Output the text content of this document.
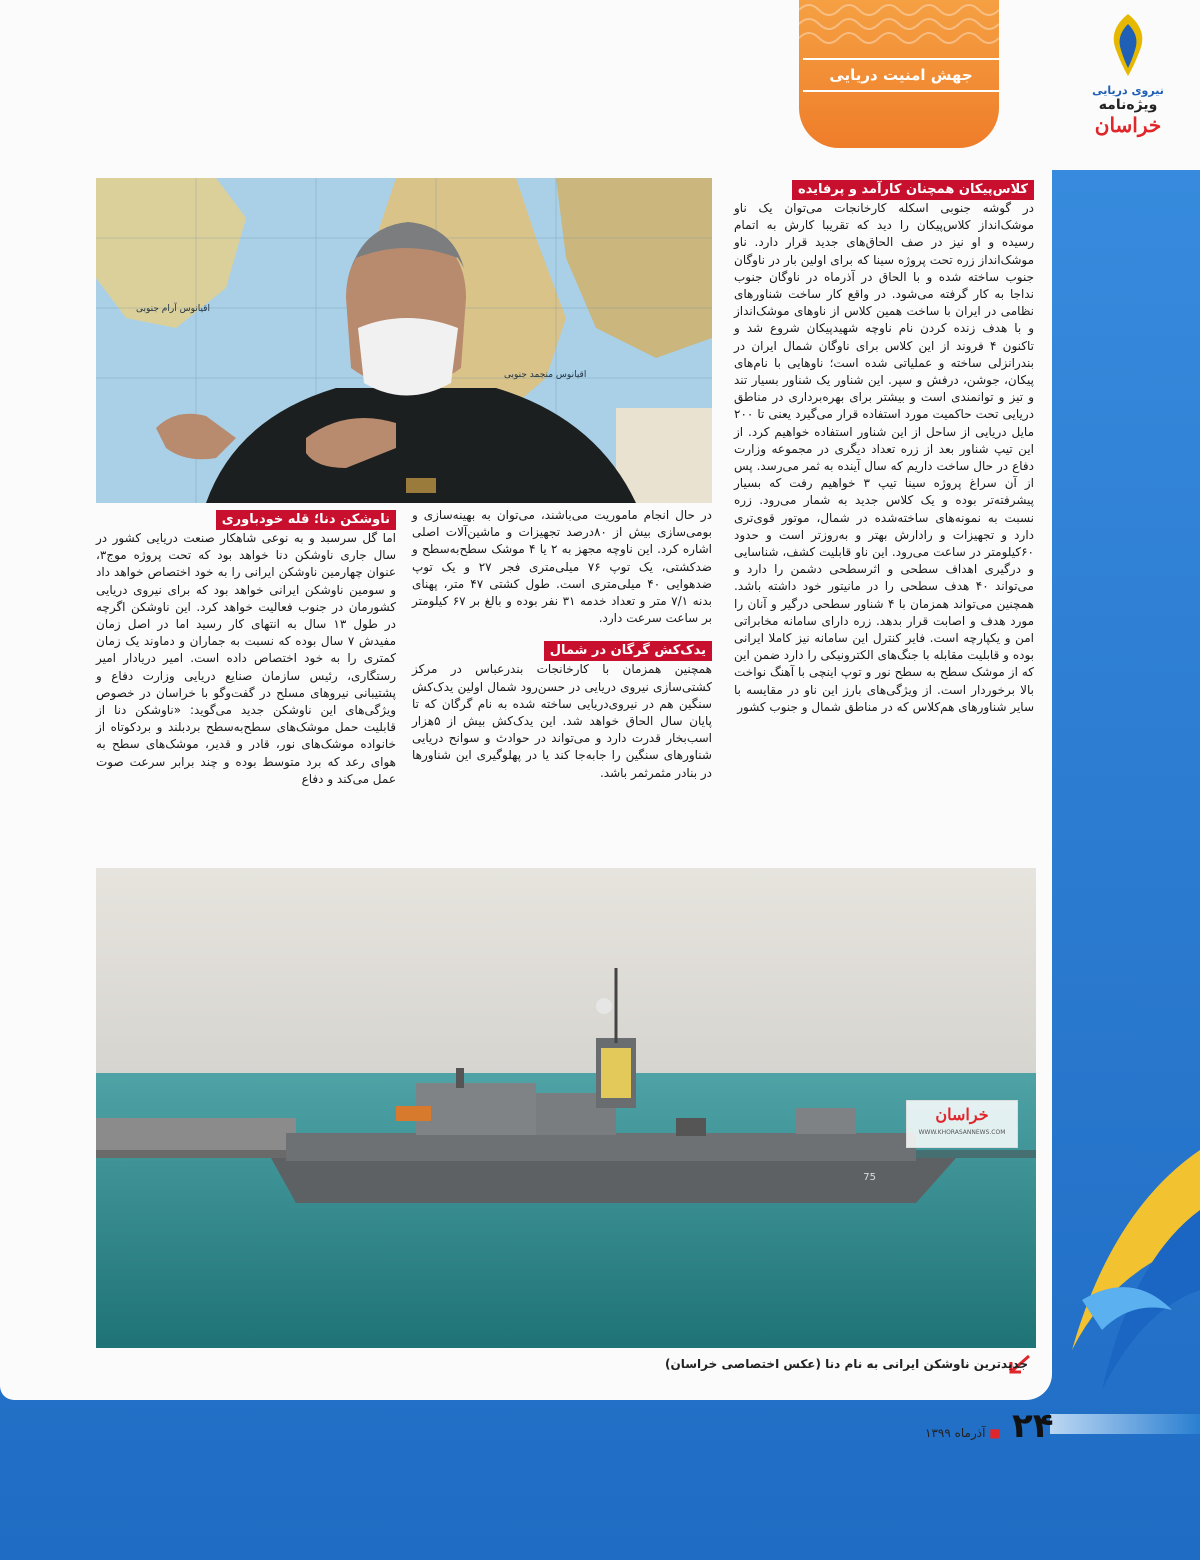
جهش امنیت دریایی
نیروی دریایی
ویژه‌نامه
خراسان
اقیانوس آرام جنوبی
اقیانوس منجمد جنوبی
کلاس‌پیکان همچنان کارآمد و پرفایده
در گوشه جنوبی اسکله کارخانجات می‌توان یک ناو موشک‌انداز کلاس‌پیکان را دید که تقریبا کارش به اتمام رسیده و او نیز در صف الحاق‌های جدید قرار دارد. ناو موشک‌انداز زره تحت پروژه سینا که برای اولین بار در ناوگان جنوب ساخته شده و با الحاق در آذرماه در ناوگان جنوب نداجا به کار گرفته می‌شود. در واقع کار ساخت شناورهای نظامی در ایران با ساخت همین کلاس از ناوهای موشک‌انداز و با هدف زنده کردن نام ناوچه شهیدپیکان شروع شد و تاکنون ۴ فروند از این کلاس برای ناوگان شمال ایران در بندرانزلی ساخته و عملیاتی شده است؛ ناوهایی با نام‌های پیکان، جوشن، درفش و سپر. این شناور یک شناور بسیار تند و تیز و توانمندی است و بیشتر برای بهره‌برداری در مناطق دریایی تحت حاکمیت مورد استفاده قرار می‌گیرد یعنی تا ۲۰۰ مایل دریایی از ساحل از این شناور استفاده خواهیم کرد. از این تیپ شناور بعد از زره تعداد دیگری در مجموعه وزارت دفاع در حال ساخت داریم که سال آینده به ثمر می‌رسد. پس از آن سراغ پروژه سینا تیپ ۳ خواهیم رفت که بسیار پیشرفته‌تر بوده و یک کلاس جدید به شمار می‌رود. زره نسبت به نمونه‌های ساخته‌شده در شمال، موتور قوی‌تری دارد و تجهیزات و رادارش بهتر و به‌روزتر است و حدود ۶۰کیلومتر در ساعت می‌رود. این ناو قابلیت کشف، شناسایی و درگیری اهداف سطحی و اثرسطحی دشمن را دارد و می‌تواند ۴۰ هدف سطحی را در مانیتور خود داشته باشد. همچنین می‌تواند همزمان با ۴ شناور سطحی درگیر و آنان را مورد هدف و اصابت قرار بدهد. زره دارای سامانه مخابراتی امن و یکپارچه است. فایر کنترل این سامانه نیز کاملا ایرانی بوده و قابلیت مقابله با جنگ‌های الکترونیکی را دارد ضمن این که از موشک سطح به سطح نور و توپ اینچی با آهنگ نواخت بالا برخوردار است. از ویژگی‌های بارز این ناو در مقایسه با سایر شناورهای هم‌کلاس که در مناطق شمال و جنوب کشور
در حال انجام ماموریت می‌باشند، می‌توان به بهینه‌سازی و بومی‌سازی بیش از ۸۰درصد تجهیزات و ماشین‌آلات اصلی اشاره کرد. این ناوچه مجهز به ۲ یا ۴ موشک سطح‌به‌سطح و ضدکشتی، یک توپ ۷۶ میلی‌متری فجر ۲۷ و یک توپ ضدهوایی ۴۰ میلی‌متری است. طول کشتی ۴۷ متر، پهنای بدنه ۷/۱ متر و تعداد خدمه ۳۱ نفر بوده و بالغ بر ۶۷ کیلومتر بر ساعت سرعت دارد.
یدک‌کش گرگان در شمال
همچنین همزمان با کارخانجات بندرعباس در مرکز کشتی‌سازی نیروی دریایی در حسن‌رود شمال اولین یدک‌کش سنگین هم در نیروی‌دریایی ساخته شده به نام گرگان که تا پایان سال الحاق خواهد شد. این یدک‌کش بیش از ۵هزار اسب‌بخار قدرت دارد و می‌تواند در حوادث و سوانح دریایی شناورهای سنگین را جابه‌جا کند یا در پهلوگیری این شناورها در بنادر مثمرثمر باشد.
ناوشکن دنا؛ قله خودباوری
اما گل سرسبد و به نوعی شاهکار صنعت دریایی کشور در سال جاری ناوشکن دنا خواهد بود که تحت پروژه موج۳، عنوان چهارمین ناوشکن ایرانی را به خود اختصاص خواهد داد و سومین ناوشکن ایرانی خواهد بود که برای نیروی دریایی کشورمان در جنوب فعالیت خواهد کرد. این ناوشکن اگرچه در طول ۱۳ سال به انتهای کار رسید اما در اصل زمان مفیدش ۷ سال بوده که نسبت به جماران و دماوند یک زمان کمتری را به خود اختصاص داده است. امیر دریادار امیر رستگاری، رئیس سازمان صنایع دریایی وزارت دفاع و پشتیبانی نیروهای مسلح در گفت‌وگو با خراسان در خصوص ویژگی‌های این ناوشکن جدید می‌گوید: «ناوشکن دنا از قابلیت حمل موشک‌های سطح‌به‌سطح بردبلند و بردکوتاه از خانواده موشک‌های نور، قادر و قدیر، موشک‌های سطح به هوای رعد که برد متوسط بوده و چند برابر سرعت صوت عمل می‌کند و دفاع
75
خراسان
WWW.KHORASANNEWS.COM
جدیدترین ناوشکن ایرانی به نام دنا (عکس اختصاصی خراسان)
۲۴
■ آذرماه ۱۳۹۹
